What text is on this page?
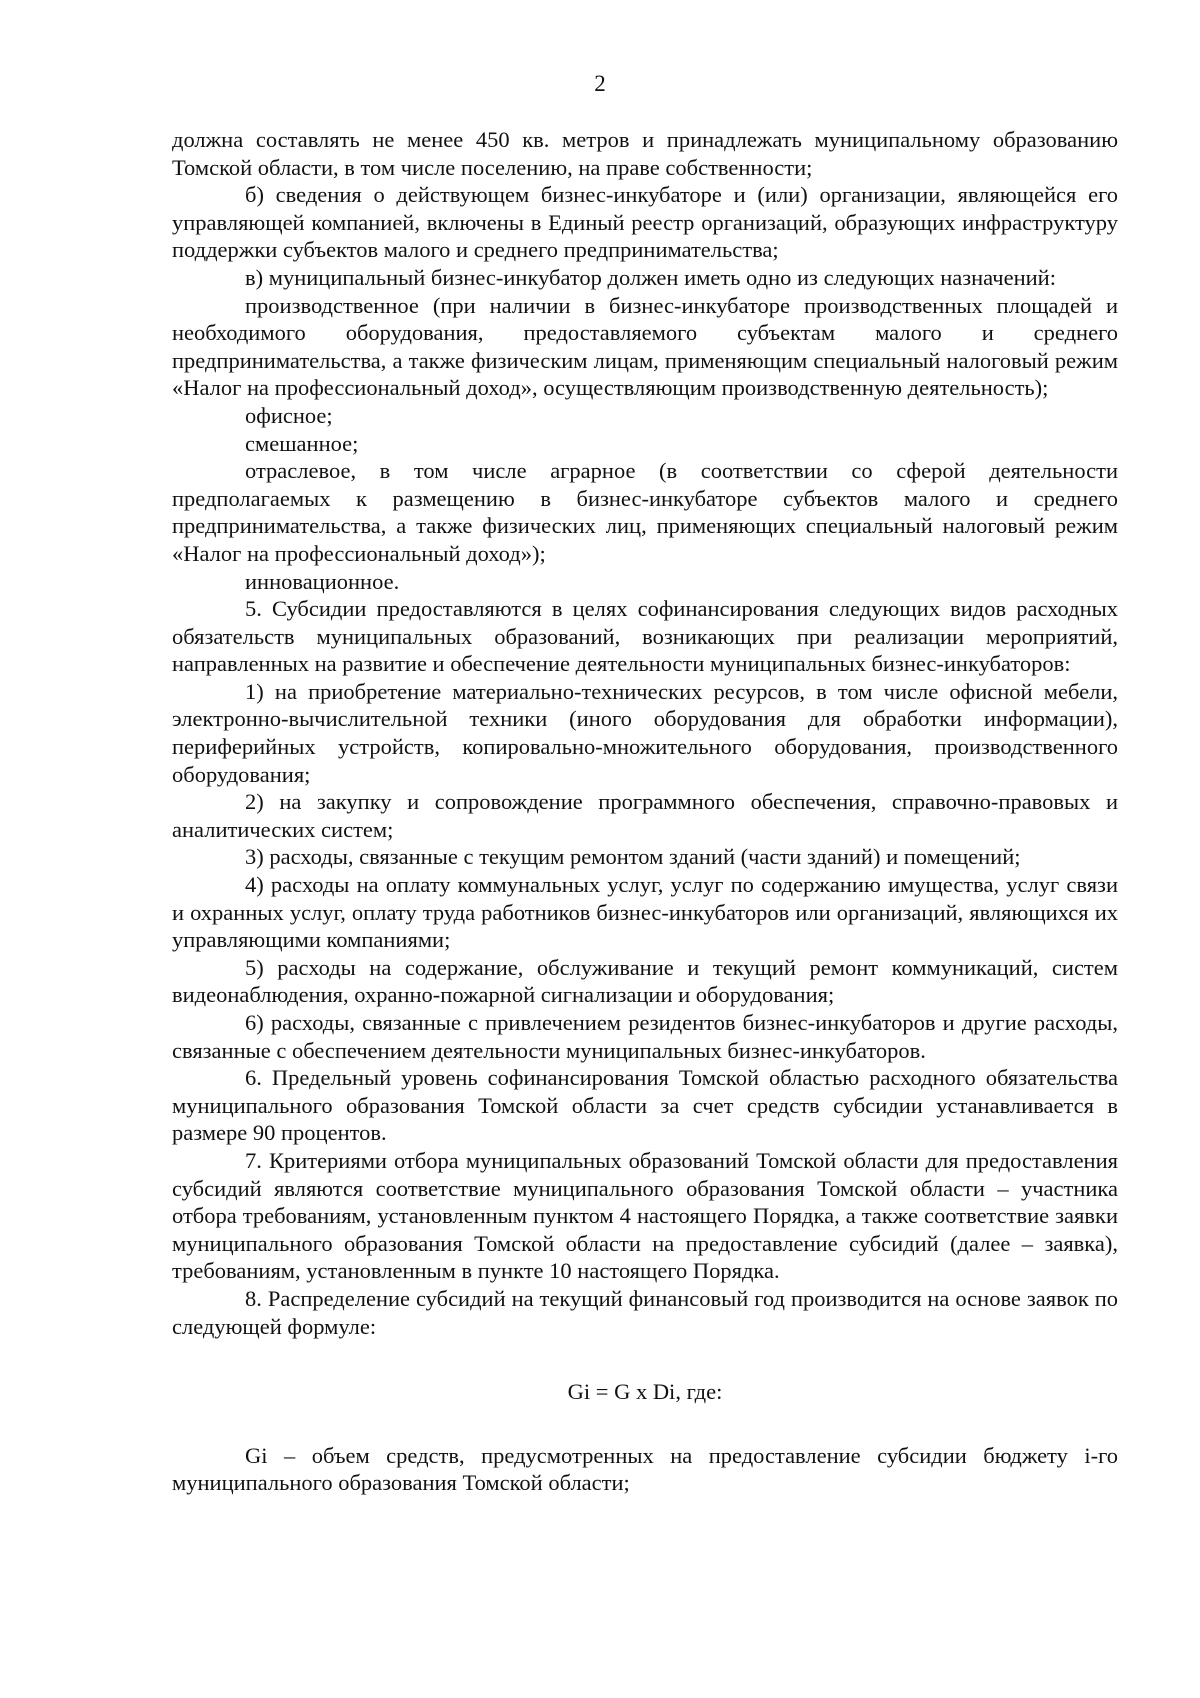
2

должна составлять не менее 450 кв. метров и принадлежать муниципальному образованию Томской области, в том числе поселению, на праве собственности;

б) сведения о действующем бизнес-инкубаторе и (или) организации, являющейся его управляющей компанией, включены в Единый реестр организаций, образующих инфраструктуру поддержки субъектов малого и среднего предпринимательства;

в) муниципальный бизнес-инкубатор должен иметь одно из следующих назначений:

производственное (при наличии в бизнес-инкубаторе производственных площадей и необходимого оборудования, предоставляемого субъектам малого и среднего предпринимательства, а также физическим лицам, применяющим специальный налоговый режим «Налог на профессиональный доход», осуществляющим производственную деятельность);

офисное;

смешанное;

отраслевое, в том числе аграрное (в соответствии со сферой деятельности предполагаемых к размещению в бизнес-инкубаторе субъектов малого и среднего предпринимательства, а также физических лиц, применяющих специальный налоговый режим «Налог на профессиональный доход»);

инновационное.

5. Субсидии предоставляются в целях софинансирования следующих видов расходных обязательств муниципальных образований, возникающих при реализации мероприятий, направленных на развитие и обеспечение деятельности муниципальных бизнес-инкубаторов:

1) на приобретение материально-технических ресурсов, в том числе офисной мебели, электронно-вычислительной техники (иного оборудования для обработки информации), периферийных устройств, копировально-множительного оборудования, производственного оборудования;

2) на закупку и сопровождение программного обеспечения, справочно-правовых и аналитических систем;

3) расходы, связанные с текущим ремонтом зданий (части зданий) и помещений;

4) расходы на оплату коммунальных услуг, услуг по содержанию имущества, услуг связи и охранных услуг, оплату труда работников бизнес-инкубаторов или организаций, являющихся их управляющими компаниями;

5) расходы на содержание, обслуживание и текущий ремонт коммуникаций, систем видеонаблюдения, охранно-пожарной сигнализации и оборудования;

6) расходы, связанные с привлечением резидентов бизнес-инкубаторов и другие расходы, связанные с обеспечением деятельности муниципальных бизнес-инкубаторов.

6. Предельный уровень софинансирования Томской областью расходного обязательства муниципального образования Томской области за счет средств субсидии устанавливается в размере 90 процентов.

7. Критериями отбора муниципальных образований Томской области для предоставления субсидий являются соответствие муниципального образования Томской области – участника отбора требованиям, установленным пунктом 4 настоящего Порядка, а также соответствие заявки муниципального образования Томской области на предоставление субсидий (далее – заявка), требованиям, установленным в пункте 10 настоящего Порядка.

8. Распределение субсидий на текущий финансовый год производится на основе заявок по следующей формуле:

Gi = G x Di, где:

Gi – объем средств, предусмотренных на предоставление субсидии бюджету i-го муниципального образования Томской области;
